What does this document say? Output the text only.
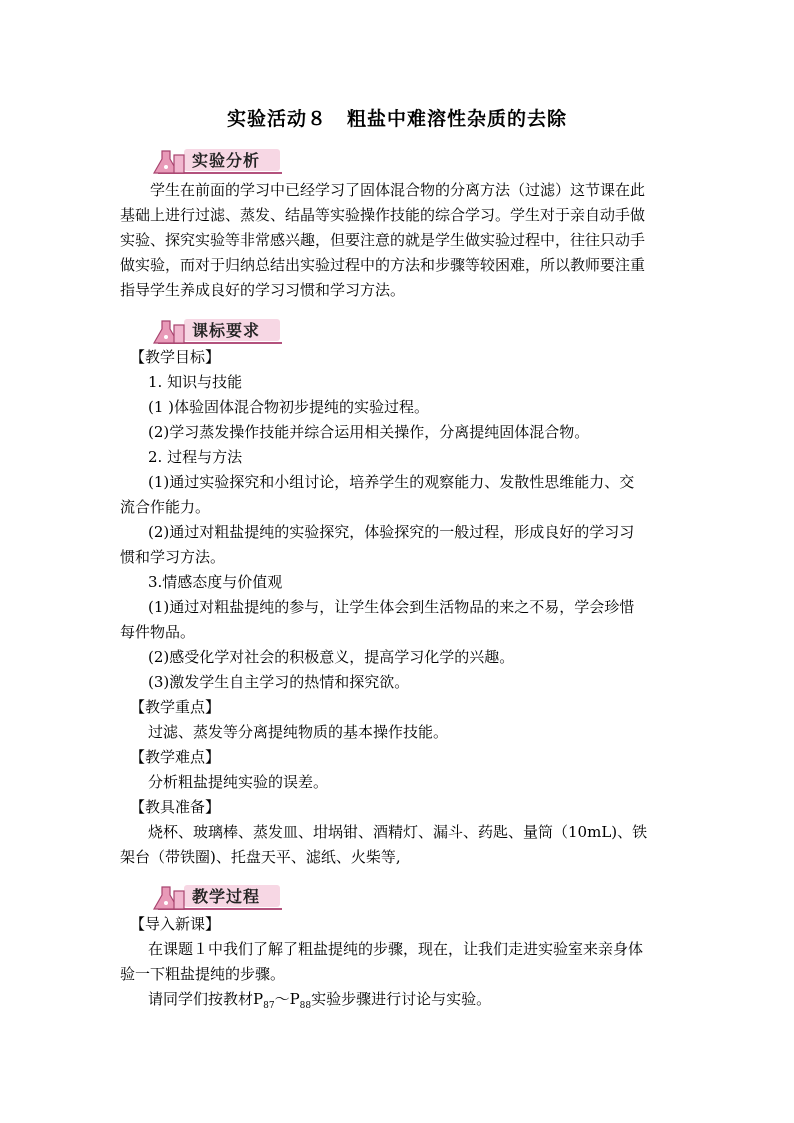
实验活动８　粗盐中难溶性杂质的去除
实验分析
学生在前面的学习中已经学习了固体混合物的分离方法（过滤）这节课在此
基础上进行过滤、蒸发、结晶等实验操作技能的综合学习。学生对于亲自动手做
实验、探究实验等非常感兴趣，但要注意的就是学生做实验过程中，往往只动手
做实验，而对于归纳总结出实验过程中的方法和步骤等较困难，所以教师要注重
指导学生养成良好的学习习惯和学习方法。
课标要求
【教学目标】
1. 知识与技能
(1 )体验固体混合物初步提纯的实验过程。
(2)学习蒸发操作技能并综合运用相关操作，分离提纯固体混合物。
2. 过程与方法
(1)通过实验探究和小组讨论，培养学生的观察能力、发散性思维能力、交
流合作能力。
(2)通过对粗盐提纯的实验探究，体验探究的一般过程，形成良好的学习习
惯和学习方法。
3.情感态度与价值观
(1)通过对粗盐提纯的参与，让学生体会到生活物品的来之不易，学会珍惜
每件物品。
(2)感受化学对社会的积极意义，提高学习化学的兴趣。
(3)激发学生自主学习的热情和探究欲。
【教学重点】
过滤、蒸发等分离提纯物质的基本操作技能。
【教学难点】
分析粗盐提纯实验的误差。
【教具准备】
烧杯、玻璃棒、蒸发皿、坩埚钳、酒精灯、漏斗、药匙、量筒（10mL)、铁
架台（带铁圈)、托盘天平、滤纸、火柴等,
教学过程
【导入新课】
在课题１中我们了解了粗盐提纯的步骤，现在，让我们走进实验室来亲身体
验一下粗盐提纯的步骤。
请同学们按教材$P_{87}\sim P_{88}$实验步骤进行讨论与实验。
